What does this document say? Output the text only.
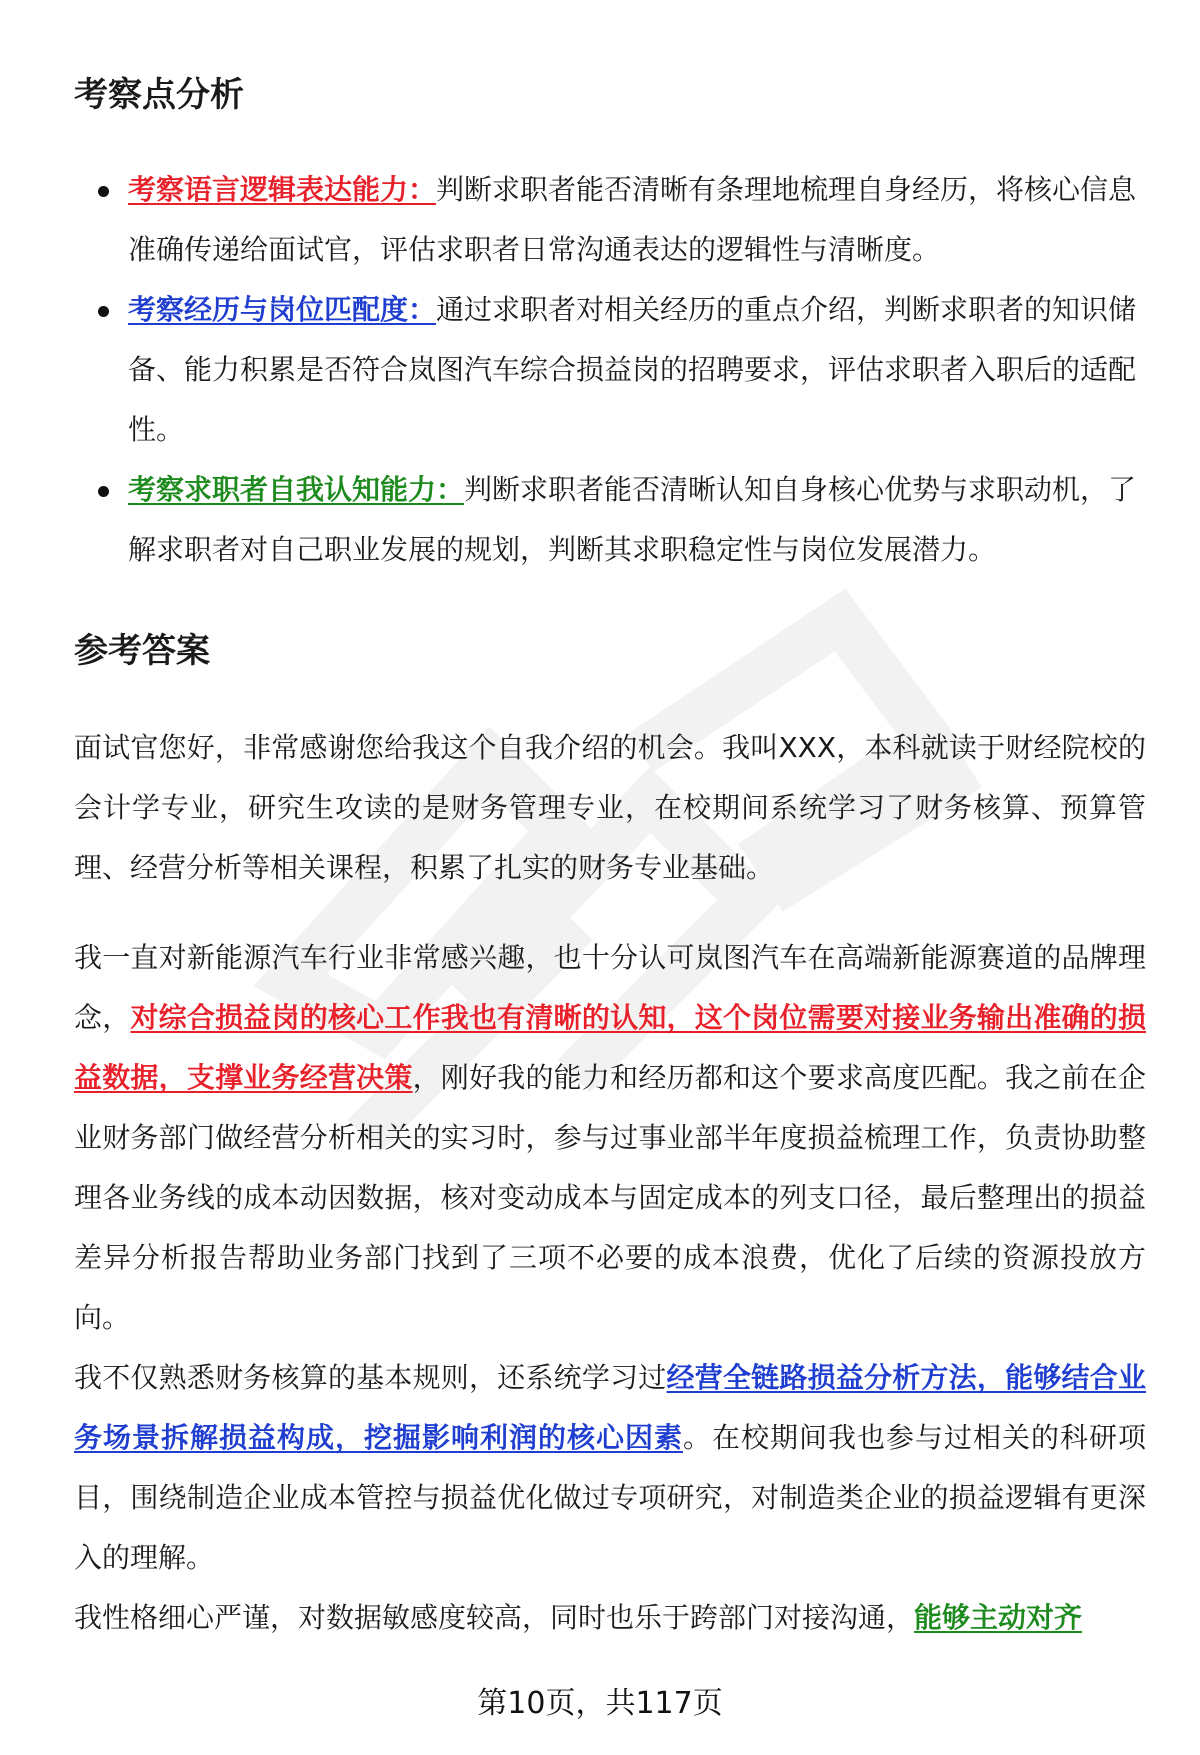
考察点分析
考察语言逻辑表达能力：判断求职者能否清晰有条理地梳理自身经历，将核心信息准确传递给面试官，评估求职者日常沟通表达的逻辑性与清晰度。
考察经历与岗位匹配度：通过求职者对相关经历的重点介绍，判断求职者的知识储备、能力积累是否符合岚图汽车综合损益岗的招聘要求，评估求职者入职后的适配性。
考察求职者自我认知能力：判断求职者能否清晰认知自身核心优势与求职动机，了解求职者对自己职业发展的规划，判断其求职稳定性与岗位发展潜力。
参考答案

面试官您好，非常感谢您给我这个自我介绍的机会。我叫XXX，本科就读于财经院校的会计学专业，研究生攻读的是财务管理专业，在校期间系统学习了财务核算、预算管理、经营分析等相关课程，积累了扎实的财务专业基础。

我一直对新能源汽车行业非常感兴趣，也十分认可岚图汽车在高端新能源赛道的品牌理念，对综合损益岗的核心工作我也有清晰的认知，这个岗位需要对接业务输出准确的损益数据，支撑业务经营决策，刚好我的能力和经历都和这个要求高度匹配。我之前在企业财务部门做经营分析相关的实习时，参与过事业部半年度损益梳理工作，负责协助整理各业务线的成本动因数据，核对变动成本与固定成本的列支口径，最后整理出的损益差异分析报告帮助业务部门找到了三项不必要的成本浪费，优化了后续的资源投放方向。

我不仅熟悉财务核算的基本规则，还系统学习过经营全链路损益分析方法，能够结合业务场景拆解损益构成，挖掘影响利润的核心因素。在校期间我也参与过相关的科研项目，围绕制造企业成本管控与损益优化做过专项研究，对制造类企业的损益逻辑有更深入的理解。

我性格细心严谨，对数据敏感度较高，同时也乐于跨部门对接沟通，能够主动对齐

第10页，共117页
